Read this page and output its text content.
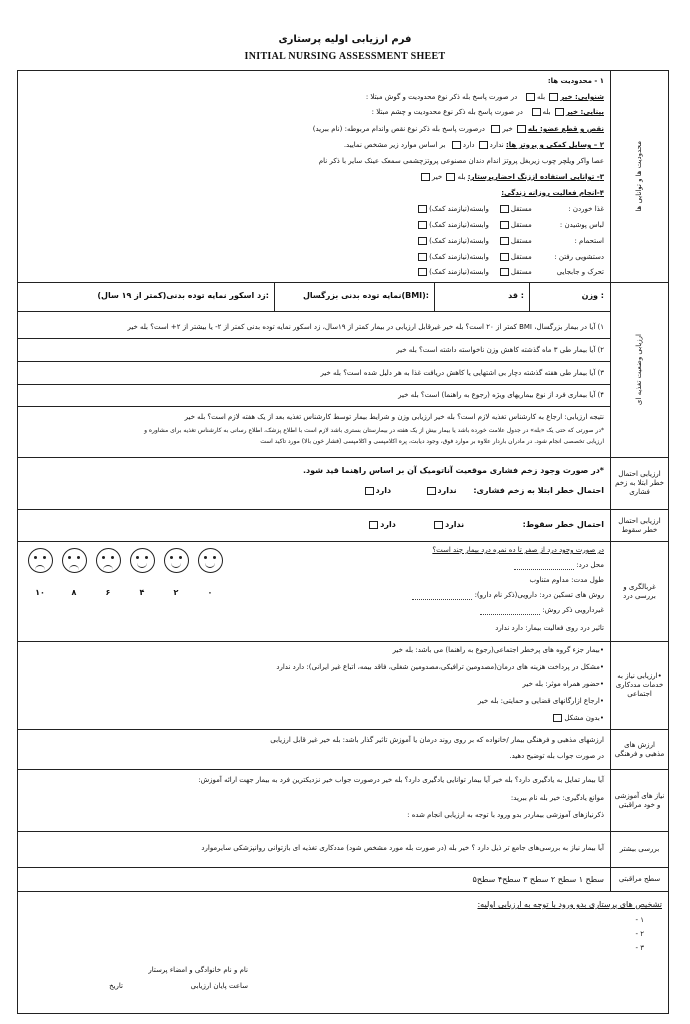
فرم ارزیابی اولیه پرستاری
INITIAL NURSING ASSESSMENT SHEET
محدودیت ها و توانایی ها
۱ - محدودیت ها:
شنوایی: خیر بله   در صورت پاسخ بله ذکر نوع محدودیت و گوش مبتلا :
بینایی: خیر بله   در صورت پاسخ بله ذکر نوع محدودیت و چشم مبتلا :
نقص و قطع عضو: بله خیر  درصورت پاسخ بله ذکر نوع نقص واندام مربوطه: (نام ببرید)
۲ – وسایل کمکی و پروتز ها: ندارد دارد  بر اساس موارد زیر مشخص نمایید.
عصا واکر ویلچر چوب زیربغل پروتز اندام دندان مصنوعی پروتزچشمی سمعک عینک سایر با ذکر نام
۳- توانایی استفاده اززنگ احضارپرستار: بله خیر
۴-انجام فعالیت روزانه زندگی:
غذا خوردن : مستقل    وابسته(نیازمند کمک)
لباس پوشیدن : مستقل    وابسته(نیازمند کمک)
استحمام : مستقل    وابسته(نیازمند کمک)
دستشویی رفتن : مستقل    وابسته(نیازمند کمک)
تحرک و جابجایی مستقل    وابسته(نیازمند کمک)
ارزیابی وضعیت تغذیه ای
وزن :
قد :
نمایه توده بدنی بزرگسال(BMI):
زد اسکور نمایه توده بدنی(کمتر از ۱۹ سال):
۱) آیا در بیمار بزرگسال، BMI کمتر از ۲۰ است؟ بله خیر غیرقابل ارزیابی در بیمار کمتر از ۱۹سال، زد اسکور نمایه توده بدنی کمتر از ۲- یا بیشتر از ۲+ است؟ بله خیر
۲) آیا بیمار طی ۳ ماه گذشته کاهش وزن ناخواسته داشته است؟ بله خیر
۳) آیا بیمار طی هفته گذشته دچار بی اشتهایی یا کاهش دریافت غذا به هر دلیل شده است؟ بله خیر
۴) آیا بیماری فرد از نوع بیماریهای ویژه (رجوع به راهنما) است؟ بله خیر
نتیجه ارزیابی: ارجاع به کارشناس تغذیه لازم است؟ بله خیر ارزیابی وزن و شرایط بیمار توسط کارشناس تغذیه بعد از یک هفته لازم است؟ بله خیر
*در صورتی که حتی یک «بله» در جدول علامت خورده باشد یا بیمار بیش از یک هفته در بیمارستان بستری باشد لازم است با اطلاع پزشک، اطلاع رسانی به کارشناس تغذیه برای مشاوره و
ارزیابی تخصصی انجام شود. در مادران باردار علاوه بر موارد فوق، وجود دیابت، پره اکلامپسی و اکلامپسی (فشار خون بالا) مورد تاکید است
ارزیابی احتمال خطر ابتلا به زخم فشاری
*در صورت وجود زخم فشاری موقعیت آناتومیک آن بر اساس راهنما قید شود.
احتمال خطر ابتلا به زخم فشاری:      ندارد            دارد
ارزیابی احتمال خطر سقوط
احتمال خطر سقوط:                     ندارد             دارد
غربالگری و بررسی درد
۱۰	۸	۶	۴	۲	۰
در صورت وجود درد از صفر تا ده نمره درد بیمار چند است؟
محل درد:
طول مدت: مداوم متناوب
روش های تسکین درد: دارویی(ذکر نام دارو):
غیردارویی ذکر روش:
تاثیر درد روی فعالیت بیمار: دارد ندارد
•ارزیابی نیاز به خدمات مددکاری اجتماعی
•بیمار جزء گروه های پرخطر اجتماعی(رجوع به راهنما) می باشد: بله خیر
•مشکل در پرداخت هزینه های درمان(مصدومین ترافیکی،مصدومین شغلی، فاقد بیمه، اتباع غیر ایرانی): دارد ندارد
•حضور همراه موثر: بله خیر
•ارجاع ازارگانهای قضایی و حمایتی: بله خیر
•بدون مشکل
ارزش های مذهبی و فرهنگی
ارزشهای مذهبی و فرهنگی بیمار /خانواده که بر روی روند درمان یا آموزش تاثیر گذار باشد: بله خیر غیر قابل ارزیابی
در صورت جواب بله توضیح دهید.
نیاز های آموزشی و خود مراقبتی
آیا بیمار تمایل به یادگیری دارد؟ بله خیر آیا بیمار توانایی یادگیری دارد؟ بله خیر درصورت جواب خیر نزدیکترین فرد به بیمار جهت ارائه آموزش:
موانع یادگیری: خیر بله نام ببرید:
ذکرنیازهای آموزشی بیماردر بدو ورود با توجه به ارزیابی انجام شده :
بررسی بیشتر
آیا بیمار نیاز به بررسی‌های جامع تر ذیل دارد ؟ خیر بله (در صورت بله مورد مشخص شود) مددکاری تغذیه ای بازتوانی روانپزشکی سایرموارد
سطح مراقبتی
سطح ۱ سطح ۲ سطح ۳ سطح۴ سطح۵
تشخیص های پرستاری بدو ورود با توجه به ارزیابی اولیه:
۱ -
۲ -
۳ -
نام و نام خانوادگی و امضاء پرستار
ساعت پایان ارزیابی
تاریخ
